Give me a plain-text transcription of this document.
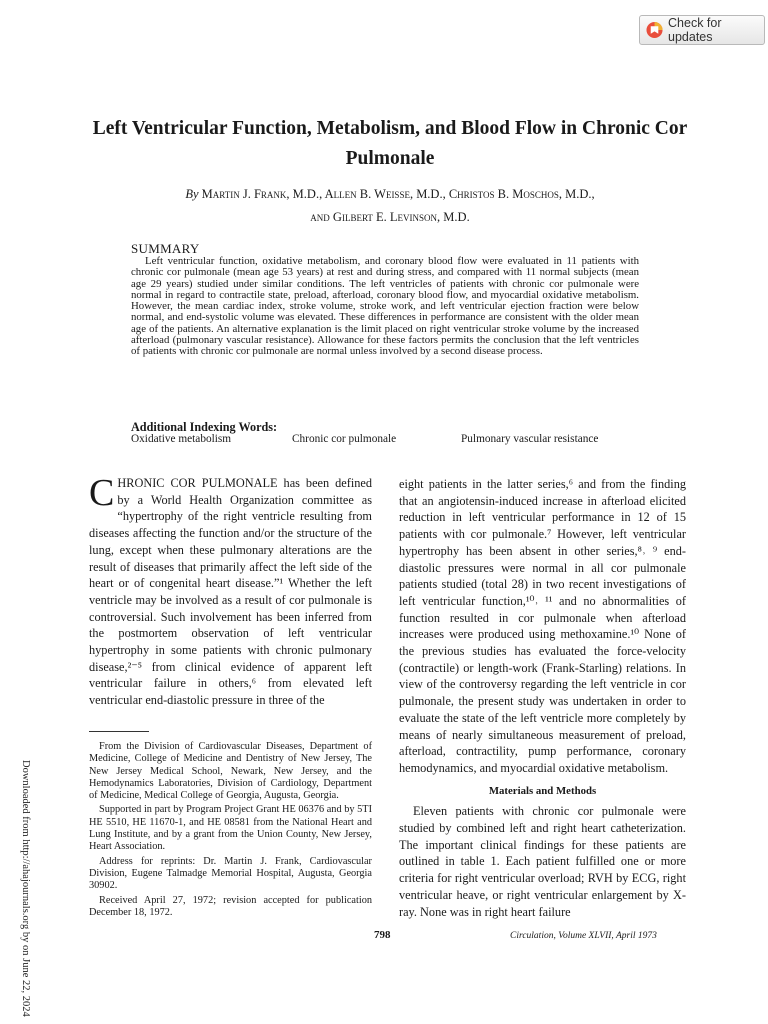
Check for updates
Downloaded from http://ahajournals.org by on June 22, 2024
Left Ventricular Function, Metabolism, and Blood Flow in Chronic Cor Pulmonale
By Martin J. Frank, M.D., Allen B. Weisse, M.D., Christos B. Moschos, M.D.,
and Gilbert E. Levinson, M.D.
SUMMARY

Left ventricular function, oxidative metabolism, and coronary blood flow were evaluated in 11 patients with chronic cor pulmonale (mean age 53 years) at rest and during stress, and compared with 11 normal subjects (mean age 29 years) studied under similar conditions. The left ventricles of patients with chronic cor pulmonale were normal in regard to contractile state, preload, afterload, coronary blood flow, and myocardial oxidative metabolism. However, the mean cardiac index, stroke volume, stroke work, and left ventricular ejection fraction were below normal, and end-systolic volume was elevated. These differences in performance are consistent with the older mean age of the patients. An alternative explanation is the limit placed on right ventricular stroke volume by the increased afterload (pulmonary vascular resistance). Allowance for these factors permits the conclusion that the left ventricles of patients with chronic cor pulmonale are normal unless involved by a second disease process.

Additional Indexing Words:
Oxidative metabolism	Chronic cor pulmonale	Pulmonary vascular resistance

CHRONIC COR PULMONALE has been defined by a World Health Organization committee as “hypertrophy of the right ventricle resulting from diseases affecting the function and/or the structure of the lung, except when these pulmonary alterations are the result of diseases that primarily affect the left side of the heart or of congenital heart disease.”¹ Whether the left ventricle may be involved as a result of cor pulmonale is controversial. Such involvement has been inferred from the postmortem observation of left ventricular hypertrophy in some patients with chronic pulmonary disease,²⁻⁵ from clinical evidence of apparent left ventricular failure in others,⁶ from elevated left ventricular end-diastolic pressure in three of the

From the Division of Cardiovascular Diseases, Department of Medicine, College of Medicine and Dentistry of New Jersey, The New Jersey Medical School, Newark, New Jersey, and the Hemodynamics Laboratories, Division of Cardiology, Department of Medicine, Medical College of Georgia, Augusta, Georgia.

Supported in part by Program Project Grant HE 06376 and by 5TI HE 5510, HE 11670-1, and HE 08581 from the National Heart and Lung Institute, and by a grant from the Union County, New Jersey, Heart Association.

Address for reprints: Dr. Martin J. Frank, Cardiovascular Division, Eugene Talmadge Memorial Hospital, Augusta, Georgia 30902.

Received April 27, 1972; revision accepted for publication December 18, 1972.

eight patients in the latter series,⁶ and from the finding that an angiotensin-induced increase in afterload elicited reduction in left ventricular performance in 12 of 15 patients with cor pulmonale.⁷ However, left ventricular hypertrophy has been absent in other series,⁸˒ ⁹ end-diastolic pressures were normal in all cor pulmonale patients studied (total 28) in two recent investigations of left ventricular function,¹⁰˒ ¹¹ and no abnormalities of function resulted in cor pulmonale when afterload increases were produced using methoxamine.¹⁰ None of the previous studies has evaluated the force-velocity (contractile) or length-work (Frank-Starling) relations. In view of the controversy regarding the left ventricle in cor pulmonale, the present study was undertaken in order to evaluate the state of the left ventricle more completely by means of nearly simultaneous measurement of preload, afterload, contractility, pump performance, coronary hemodynamics, and myocardial oxidative metabolism.

Materials and Methods

Eleven patients with chronic cor pulmonale were studied by combined left and right heart catheterization. The important clinical findings for these patients are outlined in table 1. Each patient fulfilled one or more criteria for right ventricular overload; RVH by ECG, right ventricular heave, or right ventricular enlargement by X-ray. None was in right heart failure

798	Circulation, Volume XLVII, April 1973
